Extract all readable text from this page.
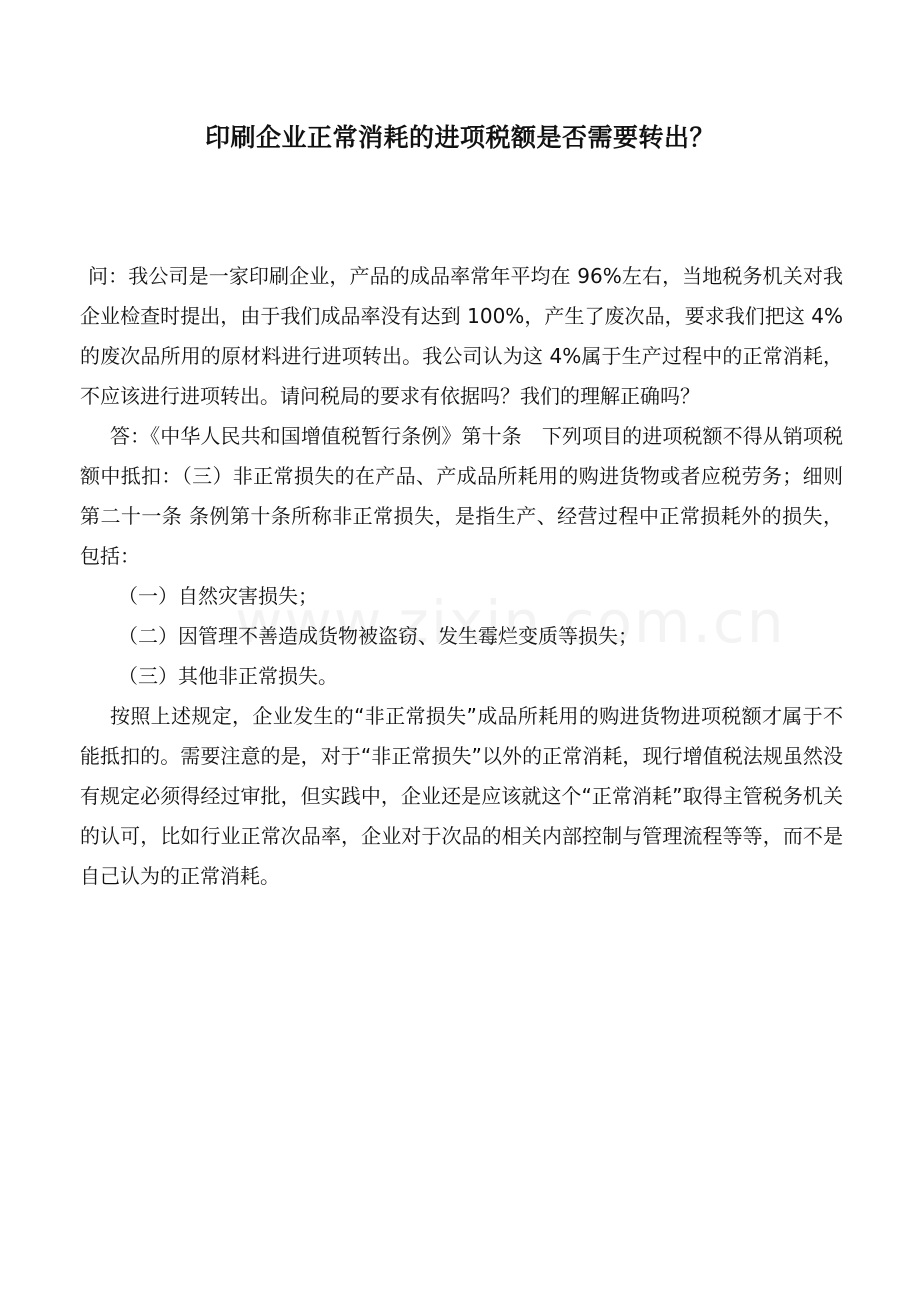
印刷企业正常消耗的进项税额是否需要转出？

问：我公司是一家印刷企业，产品的成品率常年平均在 96%左右，当地税务机关对我企业检查时提出，由于我们成品率没有达到 100%，产生了废次品，要求我们把这 4%的废次品所用的原材料进行进项转出。我公司认为这 4%属于生产过程中的正常消耗，不应该进行进项转出。请问税局的要求有依据吗？我们的理解正确吗？

答：《中华人民共和国增值税暂行条例》第十条　下列项目的进项税额不得从销项税额中抵扣：（三）非正常损失的在产品、产成品所耗用的购进货物或者应税劳务；细则第二十一条 条例第十条所称非正常损失，是指生产、经营过程中正常损耗外的损失，包括：

（一）自然灾害损失；

（二）因管理不善造成货物被盗窃、发生霉烂变质等损失；

（三）其他非正常损失。

按照上述规定，企业发生的“非正常损失”成品所耗用的购进货物进项税额才属于不能抵扣的。需要注意的是，对于“非正常损失”以外的正常消耗，现行增值税法规虽然没有规定必须得经过审批，但实践中，企业还是应该就这个“正常消耗”取得主管税务机关的认可，比如行业正常次品率，企业对于次品的相关内部控制与管理流程等等，而不是自己认为的正常消耗。
